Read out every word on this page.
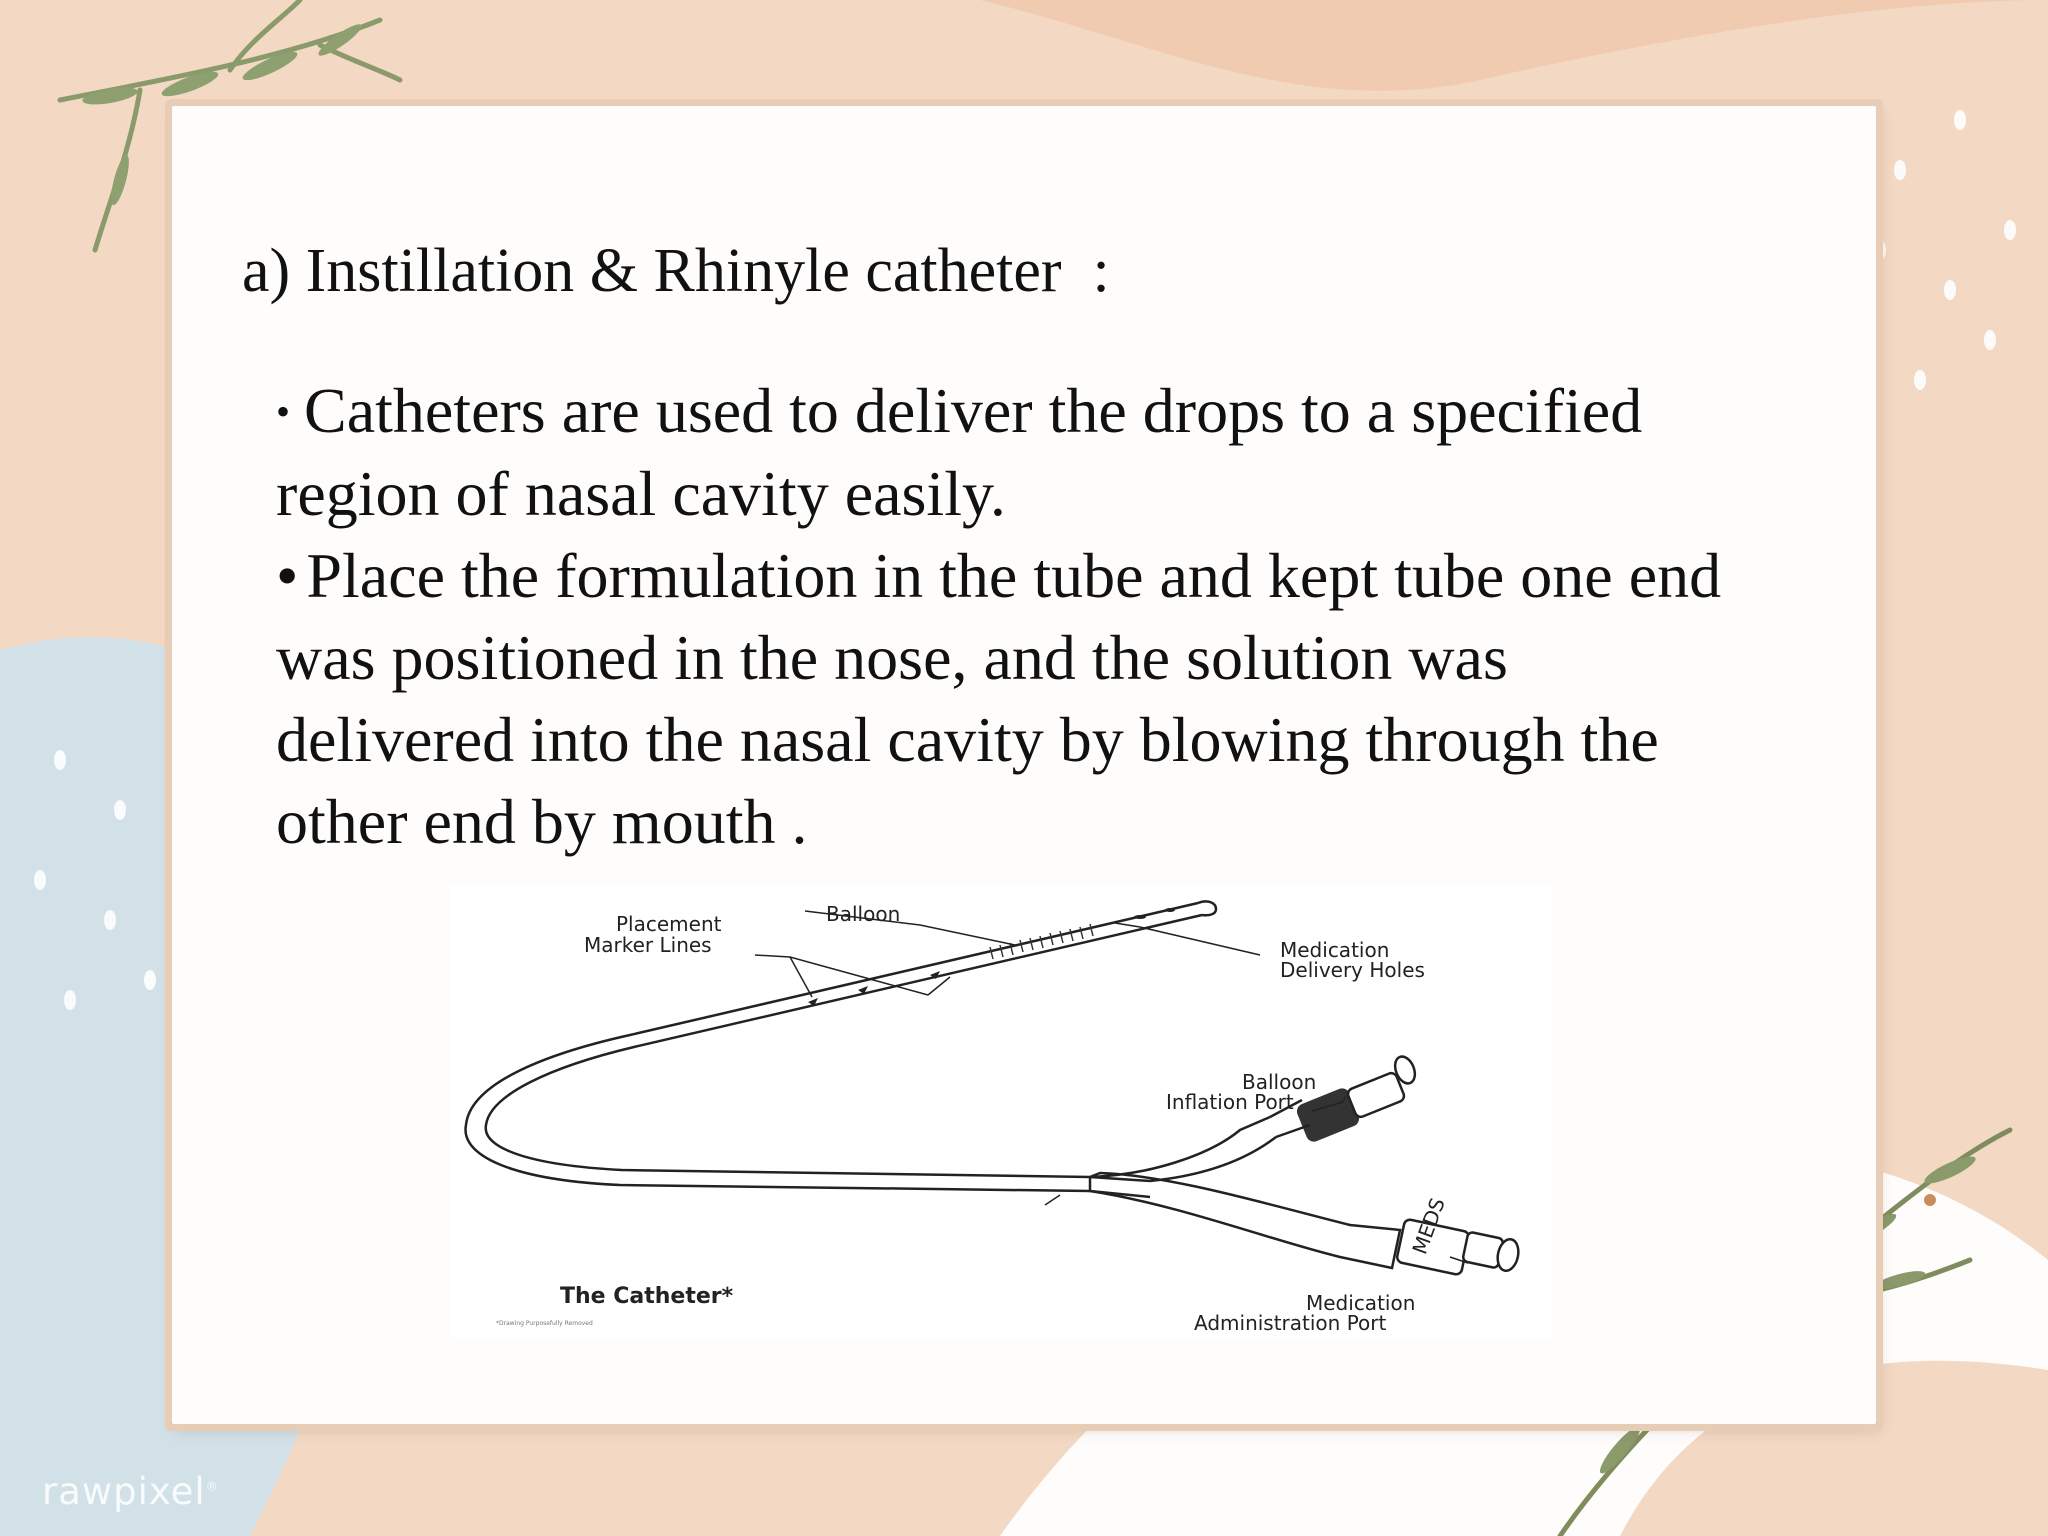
a) Instillation & Rhinyle catheter  :

• Catheters are used to deliver the drops to a specified
region of nasal cavity easily.

• Place the formulation in the tube and kept tube one end
was positioned in the nose, and the solution was
delivered into the nasal cavity by blowing through the
other end by mouth .

MEDS
Placement
Marker Lines
Balloon
Medication
Delivery Holes
Balloon
Inflation Port
The Catheter*
*Drawing Purposefully Removed
Medication
Administration Port
rawpixel®
